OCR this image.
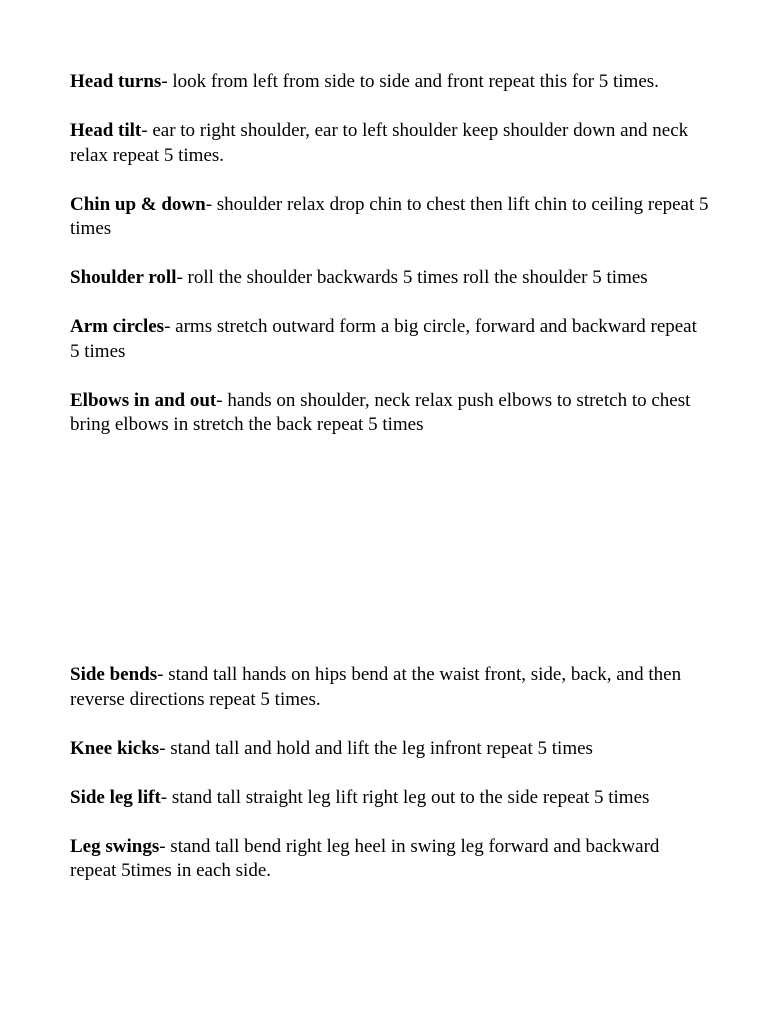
Head turns- look from left from side to side and front repeat this for 5 times.

Head tilt- ear to right shoulder, ear to left shoulder keep shoulder down and neck relax repeat 5 times.

Chin up & down- shoulder relax drop chin to chest then lift chin to ceiling repeat 5 times

Shoulder roll- roll the shoulder backwards 5 times roll the shoulder 5 times

Arm circles- arms stretch outward form a big circle, forward and backward repeat 5 times

Elbows in and out- hands on shoulder, neck relax push elbows to stretch to chest bring elbows in stretch the back repeat 5 times

Side bends- stand tall hands on hips bend at the waist front, side, back, and then reverse directions repeat 5 times.

Knee kicks- stand tall and hold and lift the leg infront repeat 5 times

Side leg lift- stand tall straight leg lift right leg out to the side repeat 5 times

Leg swings- stand tall bend right leg heel in swing leg forward and backward repeat 5times in each side.
